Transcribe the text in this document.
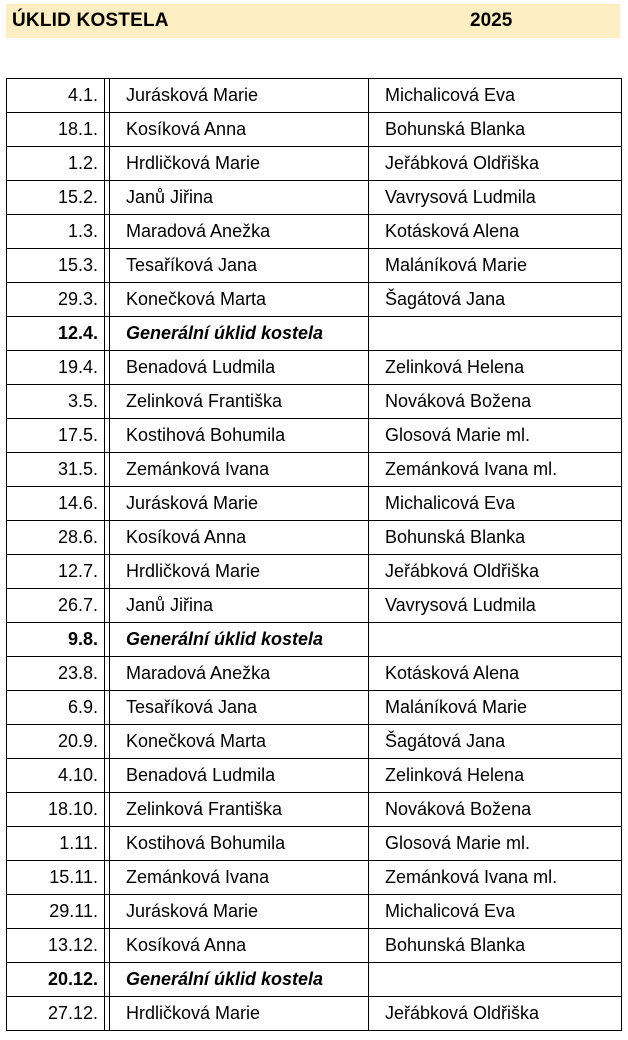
ÚKLID KOSTELA	2025
4.1.		Jurásková Marie	Michalicová Eva
18.1.		Kosíková Anna	Bohunská Blanka
1.2.		Hrdličková Marie	Jeřábková Oldřiška
15.2.		Janů Jiřina	Vavrysová Ludmila
1.3.		Maradová Anežka	Kotásková Alena
15.3.		Tesaříková Jana	Maláníková Marie
29.3.		Konečková Marta	Šagátová Jana
12.4.		Generální úklid kostela	
19.4.		Benadová Ludmila	Zelinková Helena
3.5.		Zelinková Františka	Nováková Božena
17.5.		Kostihová Bohumila	Glosová Marie ml.
31.5.		Zemánková Ivana	Zemánková Ivana ml.
14.6.		Jurásková Marie	Michalicová Eva
28.6.		Kosíková Anna	Bohunská Blanka
12.7.		Hrdličková Marie	Jeřábková Oldřiška
26.7.		Janů Jiřina	Vavrysová Ludmila
9.8.		Generální úklid kostela	
23.8.		Maradová Anežka	Kotásková Alena
6.9.		Tesaříková Jana	Maláníková Marie
20.9.		Konečková Marta	Šagátová Jana
4.10.		Benadová Ludmila	Zelinková Helena
18.10.		Zelinková Františka	Nováková Božena
1.11.		Kostihová Bohumila	Glosová Marie ml.
15.11.		Zemánková Ivana	Zemánková Ivana ml.
29.11.		Jurásková Marie	Michalicová Eva
13.12.		Kosíková Anna	Bohunská Blanka
20.12.		Generální úklid kostela	
27.12.		Hrdličková Marie	Jeřábková Oldřiška
